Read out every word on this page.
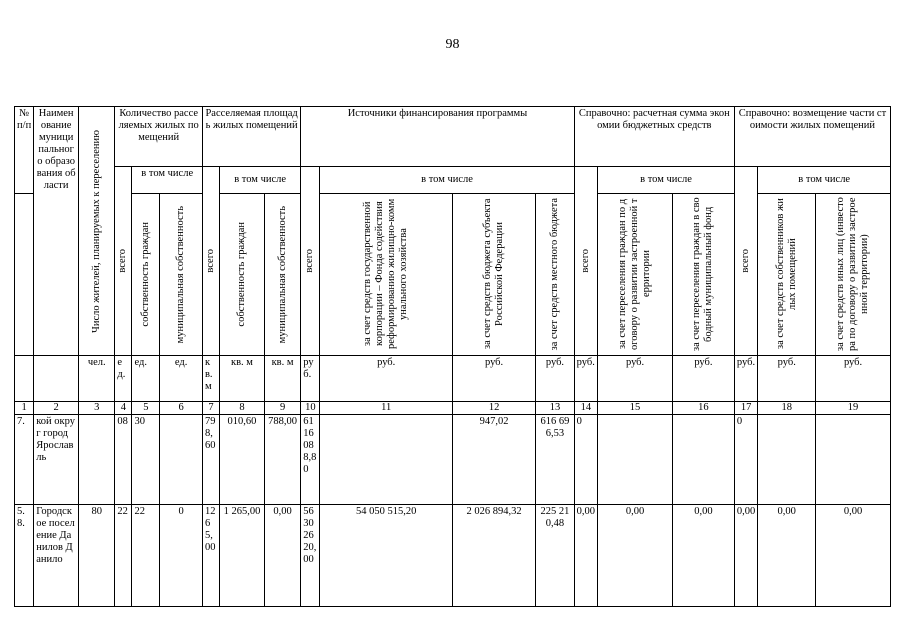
98
№ п/п	Наименование муниципального образования области	Число жителей, планируемых к переселению	Количество расселяемых жилых помещений			Расселяемая площадь жилых помещений			Источники финансирования программы				Справочно: расчетная сумма экономии бюджетных средств			Справочно: возмещение части стоимости жилых помещений		

			всего	в том числе		всего	в том числе		всего	в том числе			всего	в том числе		всего	в том числе	

				собственность граждан	муниципальная собственность		собственность граждан	муниципальная собственность		за счет средств государственной корпорации – Фонда содействия реформированию жилищно-коммунального хозяйства	за счет средств бюджета субъекта Российской Федерации	за счет средств местного бюджета		за счет переселения граждан по договору о развитии застроенной территории	за счет переселения граждан в свободный муниципальный фонд		за счет средств собственников жилых помещений	за счет средств иных лиц (инвестора по договору о развитии застроенной территории)

		чел.	ед.	ед.	ед.	кв.м	кв. м	кв. м	руб.	руб.	руб.	руб.	руб.	руб.	руб.	руб.	руб.	руб.
1	2	3	4	5	6	7	8	9	10	11	12	13	14	15	16	17	18	19
7.	кой округ город Ярославль		08	30		798,60	010,60	788,00	611608 8,80		947,02	616 696,53	0			0		
5.8.	Городское поселение Данилов Данило	80	22	22	0	1265,00	1 265,00	0,00	56302620,00	54 050 515,20	2 026 894,32	225 210,48	0,00	0,00	0,00	0,00	0,00	0,00
